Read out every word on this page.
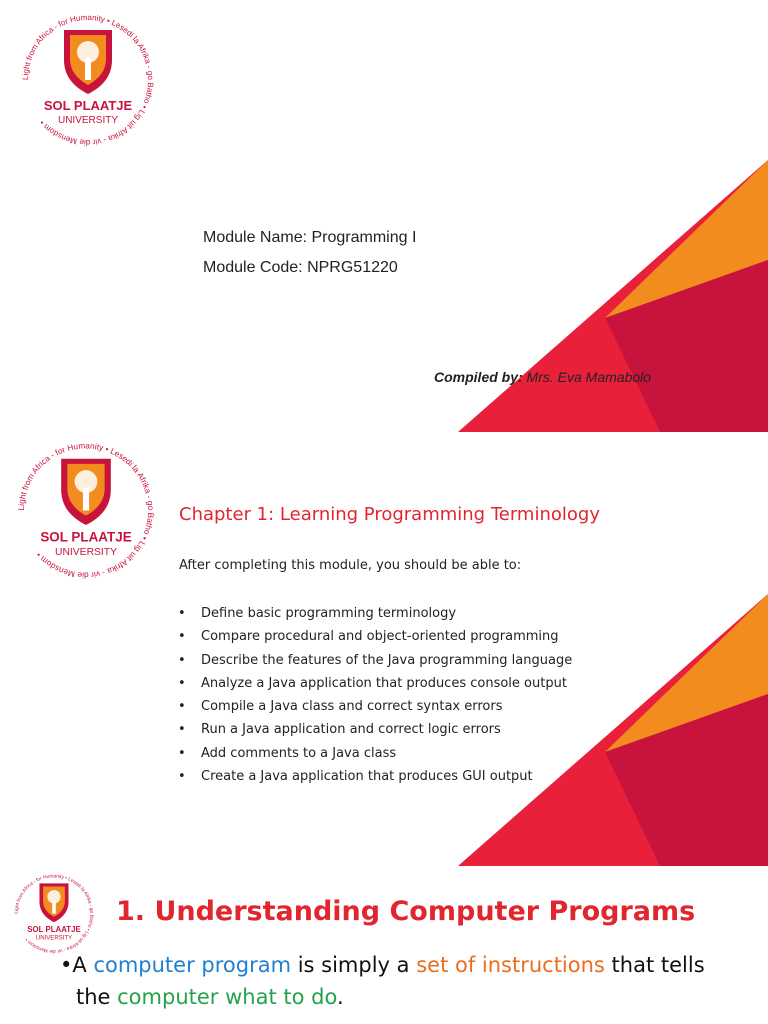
Light from Africa - for Humanity • Lesedi la Afrika - go Batho • Lig uit Afrika - vir die Mensdom •
SOL PLAATJE
UNIVERSITY
Module Name: Programming I
Module Code: NPRG51220
Compiled by: Mrs. Eva Mamabolo
Light from Africa - for Humanity • Lesedi la Afrika - go Batho • Lig uit Afrika - vir die Mensdom •
SOL PLAATJE
UNIVERSITY
Chapter 1: Learning Programming Terminology
After completing this module, you should be able to:
• Define basic programming terminology
• Compare procedural and object-oriented programming
• Describe the features of the Java programming language
• Analyze a Java application that produces console output
• Compile a Java class and correct syntax errors
• Run a Java application and correct logic errors
• Add comments to a Java class
• Create a Java application that produces GUI output
Light from Africa - for Humanity • Lesedi la Afrika - go Batho • Lig uit Afrika - vir die Mensdom •
SOL PLAATJE
UNIVERSITY
1. Understanding Computer Programs
•A computer program is simply a set of instructions that tells
the computer what to do.
